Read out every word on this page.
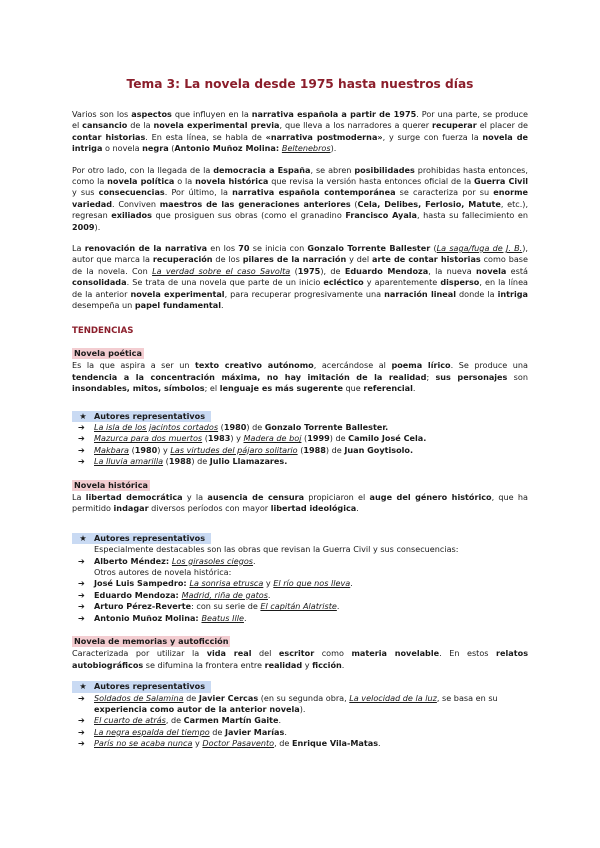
Tema 3: La novela desde 1975 hasta nuestros días

Varios son los aspectos que influyen en la narrativa española a partir de 1975. Por una parte, se produce el cansancio de la novela experimental previa, que lleva a los narradores a querer recuperar el placer de contar historias. En esta línea, se habla de «narrativa postmoderna», y surge con fuerza la novela de intriga o novela negra (Antonio Muñoz Molina: Beltenebros).

Por otro lado, con la llegada de la democracia a España, se abren posibilidades prohibidas hasta entonces, como la novela política o la novela histórica que revisa la versión hasta entonces oficial de la Guerra Civil y sus consecuencias. Por último, la narrativa española contemporánea se caracteriza por su enorme variedad. Conviven maestros de las generaciones anteriores (Cela, Delibes, Ferlosio, Matute, etc.), regresan exiliados que prosiguen sus obras (como el granadino Francisco Ayala, hasta su fallecimiento en 2009).

La renovación de la narrativa en los 70 se inicia con Gonzalo Torrente Ballester (La saga/fuga de J. B.), autor que marca la recuperación de los pilares de la narración y del arte de contar historias como base de la novela. Con La verdad sobre el caso Savolta (1975), de Eduardo Mendoza, la nueva novela está consolidada. Se trata de una novela que parte de un inicio ecléctico y aparentemente disperso, en la línea de la anterior novela experimental, para recuperar progresivamente una narración lineal donde la intriga desempeña un papel fundamental.

TENDENCIAS
Novela poética

Es la que aspira a ser un texto creativo autónomo, acercándose al poema lírico. Se produce una tendencia a la concentración máxima, no hay imitación de la realidad; sus personajes son insondables, mitos, símbolos; el lenguaje es más sugerente que referencial.

★ Autores representativos
➔ La isla de los jacintos cortados (1980) de Gonzalo Torrente Ballester.
➔ Mazurca para dos muertos (1983) y Madera de boj (1999) de Camilo José Cela.
➔ Makbara (1980) y Las virtudes del pájaro solitario (1988) de Juan Goytisolo.
➔ La lluvia amarilla (1988) de Julio Llamazares.
Novela histórica

La libertad democrática y la ausencia de censura propiciaron el auge del género histórico, que ha permitido indagar diversos períodos con mayor libertad ideológica.

★ Autores representativos
Especialmente destacables son las obras que revisan la Guerra Civil y sus consecuencias:
➔ Alberto Méndez: Los girasoles ciegos.
Otros autores de novela histórica:
➔ José Luis Sampedro: La sonrisa etrusca y El río que nos lleva.
➔ Eduardo Mendoza: Madrid, riña de gatos.
➔ Arturo Pérez-Reverte: con su serie de El capitán Alatriste.
➔ Antonio Muñoz Molina: Beatus Ille.
Novela de memorias y autoficción

Caracterizada por utilizar la vida real del escritor como materia novelable. En estos relatos autobiográficos se difumina la frontera entre realidad y ficción.

★ Autores representativos
➔ Soldados de Salamina de Javier Cercas (en su segunda obra, La velocidad de la luz, se basa en su experiencia como autor de la anterior novela).
➔ El cuarto de atrás, de Carmen Martín Gaite.
➔ La negra espalda del tiempo de Javier Marías.
➔ París no se acaba nunca y Doctor Pasavento, de Enrique Vila-Matas.
